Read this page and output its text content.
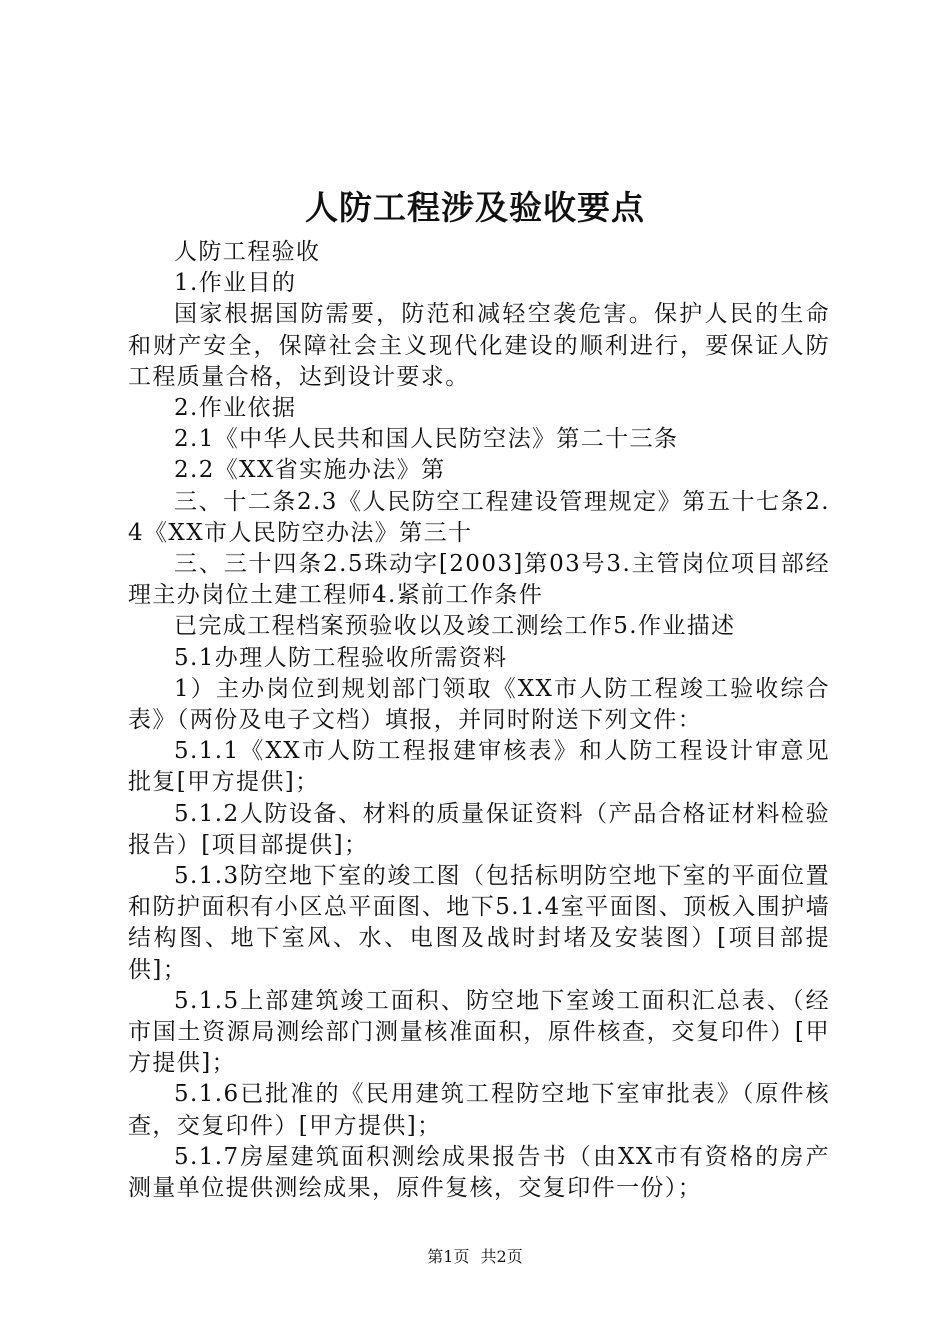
人防工程涉及验收要点

人防工程验收

1.作业目的

国家根据国防需要，防范和减轻空袭危害。保护人民的生命和财产安全，保障社会主义现代化建设的顺利进行，要保证人防工程质量合格，达到设计要求。

2.作业依据

2.1《中华人民共和国人民防空法》第二十三条

2.2《XX省实施办法》第

三、十二条2.3《人民防空工程建设管理规定》第五十七条2.4《XX市人民防空办法》第三十

三、三十四条2.5珠动字[2003]第03号3.主管岗位项目部经理主办岗位土建工程师4.紧前工作条件

已完成工程档案预验收以及竣工测绘工作5.作业描述

5.1办理人防工程验收所需资料

1）主办岗位到规划部门领取《XX市人防工程竣工验收综合表》（两份及电子文档）填报，并同时附送下列文件：

5.1.1《XX市人防工程报建审核表》和人防工程设计审意见批复[甲方提供]；

5.1.2人防设备、材料的质量保证资料（产品合格证材料检验报告）[项目部提供]；

5.1.3防空地下室的竣工图（包括标明防空地下室的平面位置和防护面积有小区总平面图、地下5.1.4室平面图、顶板入围护墙结构图、地下室风、水、电图及战时封堵及安装图）[项目部提供]；

5.1.5上部建筑竣工面积、防空地下室竣工面积汇总表、（经市国土资源局测绘部门测量核准面积，原件核查，交复印件）[甲方提供]；

5.1.6已批准的《民用建筑工程防空地下室审批表》（原件核查，交复印件）[甲方提供]；

5.1.7房屋建筑面积测绘成果报告书（由XX市有资格的房产测量单位提供测绘成果，原件复核，交复印件一份）；

第1页 共2页
